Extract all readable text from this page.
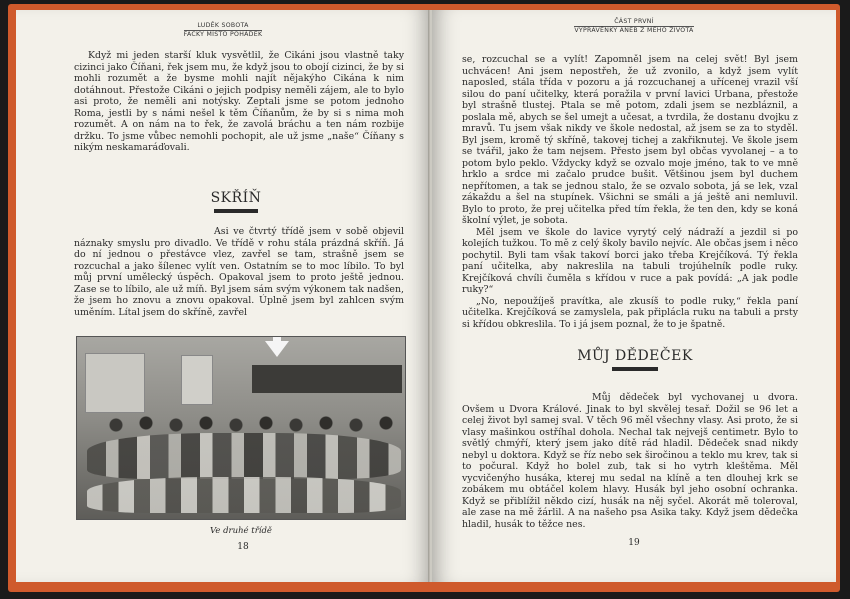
LUDĚK SOBOTA
FACKY MÍSTO POHÁDEK

Když mi jeden starší kluk vysvětlil, že Cikáni jsou vlastně taky cizinci jako Číňani, řek jsem mu, že když jsou to obojí cizinci, že by si mohli rozumět a že bysme mohli najít nějakýho Cikána k nim dotáhnout. Přestože Cikáni o jejich podpisy neměli zájem, ale to bylo asi proto, že neměli ani notýsky. Zeptali jsme se potom jednoho Roma, jestli by s námi nešel k těm Číňanům, že by si s nima moh rozumět. A on nám na to řek, že zavolá bráchu a ten nám rozbije držku. To jsme vůbec nemohli pochopit, ale už jsme „naše“ Číňany s nikým neskamaráďovali.

SKŘÍŇ

Asi ve čtvrtý třídě jsem v sobě objevil náznaky smyslu pro divadlo. Ve třídě v rohu stála prázdná skříň. Já do ní jednou o přestávce vlez, zavřel se tam, strašně jsem se rozcuchal a jako šílenec vylít ven. Ostatním se to moc líbilo. To byl můj první umělecký úspěch. Opakoval jsem to proto ještě jednou. Zase se to líbilo, ale už míň. Byl jsem sám svým výkonem tak nadšen, že jsem ho znovu a znovu opakoval. Úplně jsem byl zahlcen svým uměním. Lítal jsem do skříně, zavřel

Ve druhé třídě
18
ČÁST PRVNÍ
VYPRÁVĚNKY ANEB Z MÉHO ŽIVOTA

se, rozcuchal se a vylít! Zapomněl jsem na celej svět! Byl jsem uchvácen! Ani jsem nepostřeh, že už zvonilo, a když jsem vylít naposled, stála třída v pozoru a já rozcuchanej a uřícenej vrazil vší silou do paní učitelky, která poražila v první lavici Urbana, přestože byl strašně tlustej. Ptala se mě potom, zdali jsem se nezbláznil, a poslala mě, abych se šel umejt a učesat, a tvrdila, že dostanu dvojku z mravů. Tu jsem však nikdy ve škole nedostal, až jsem se za to styděl. Byl jsem, kromě tý skříně, takovej tichej a zakřiknutej. Ve škole jsem se tvářil, jako že tam nejsem. Přesto jsem byl občas vyvolanej – a to potom bylo peklo. Vždycky když se ozvalo moje jméno, tak to ve mně hrklo a srdce mi začalo prudce bušit. Většinou jsem byl duchem nepřítomen, a tak se jednou stalo, že se ozvalo sobota, já se lek, vzal zákaždu a šel na stupínek. Všichni se smáli a já ještě ani nemluvil. Bylo to proto, že prej učitelka před tím řekla, že ten den, kdy se koná školní výlet, je sobota.

Měl jsem ve škole do lavice vyrytý celý nádraží a jezdil si po kolejích tužkou. To mě z celý školy bavilo nejvíc. Ale občas jsem i něco pochytil. Byli tam však takoví borci jako třeba Krejčíková. Tý řekla paní učitelka, aby nakreslila na tabuli trojúhelník podle ruky. Krejčíková chvíli čuměla s křídou v ruce a pak povídá: „A jak podle ruky?“

„No, nepoužíješ pravítka, ale zkusíš to podle ruky,“ řekla paní učitelka. Krejčíková se zamyslela, pak připlácla ruku na tabuli a prsty si křídou obkreslila. To i já jsem poznal, že to je špatně.

MŮJ DĚDEČEK

Můj dědeček byl vychovanej u dvora. Ovšem u Dvora Králové. Jinak to byl skvělej tesař. Dožil se 96 let a celej život byl samej sval. V těch 96 měl všechny vlasy. Asi proto, že si vlasy mašinkou ostříhal dohola. Nechal tak nejvejš centimetr. Bylo to světlý chmýří, který jsem jako dítě rád hladil. Dědeček snad nikdy nebyl u doktora. Když se říz nebo sek širočinou a teklo mu krev, tak si to počural. Když ho bolel zub, tak si ho vytrh kleštěma. Měl vycvičenýho husáka, kterej mu sedal na klíně a ten dlouhej krk se zobákem mu obtáčel kolem hlavy. Husák byl jeho osobní ochranka. Když se přiblížil někdo cizí, husák na něj syčel. Akorát mě toleroval, ale zase na mě žárlil. A na našeho psa Asika taky. Když jsem dědečka hladil, husák to těžce nes.

19
